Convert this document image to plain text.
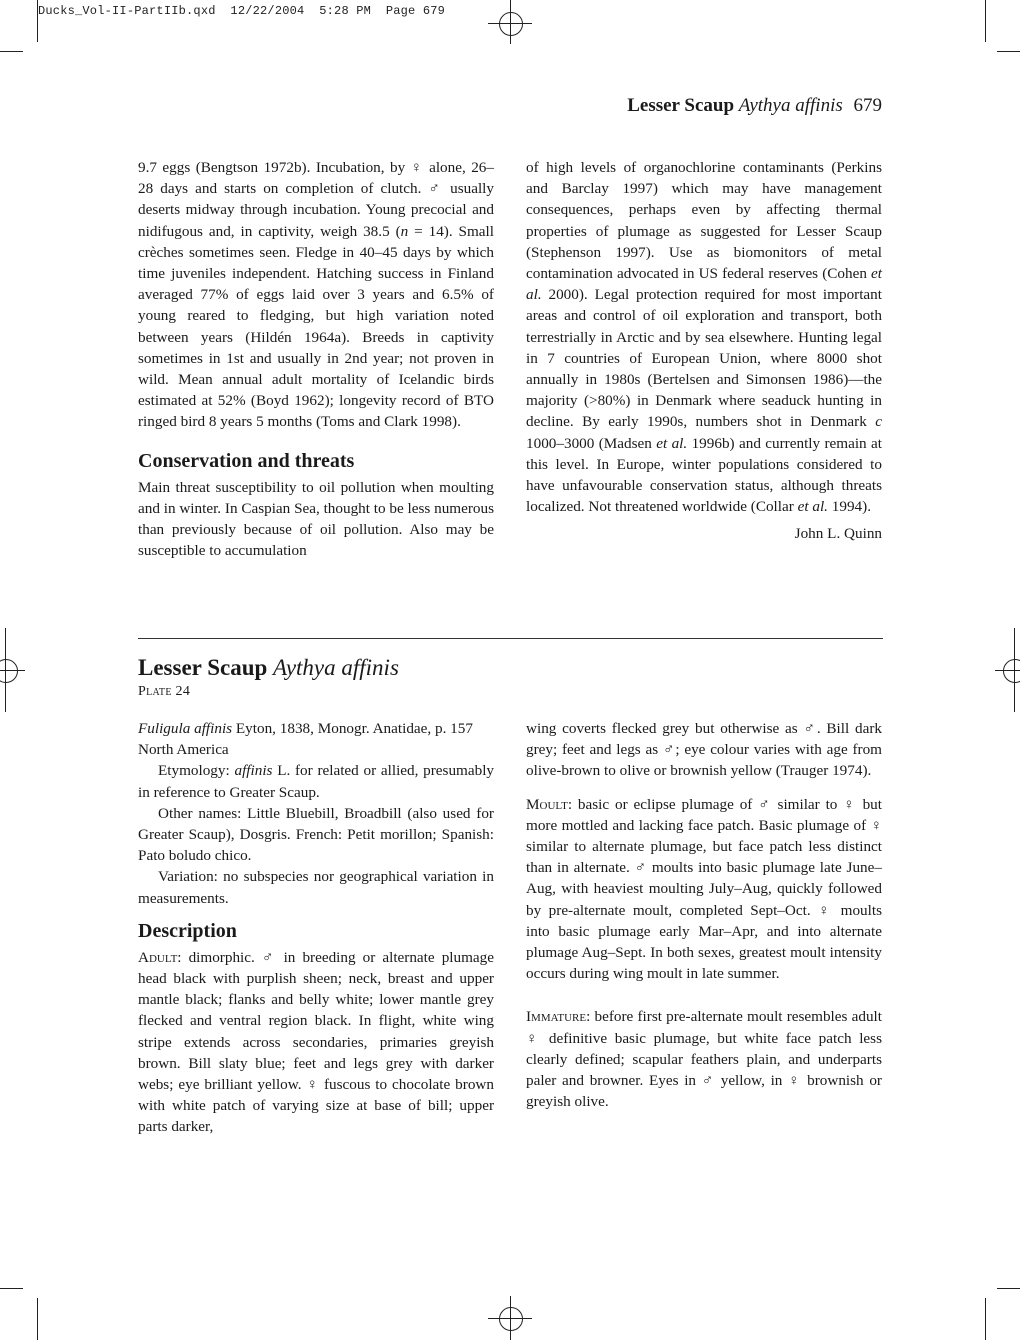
Ducks_Vol-II-PartIIb.qxd  12/22/2004  5:28 PM  Page 679
Lesser Scaup Aythya affinis 679

9.7 eggs (Bengtson 1972b). Incubation, by ♀ alone, 26–28 days and starts on completion of clutch. ♂ usually deserts midway through incubation. Young precocial and nidifugous and, in captivity, weigh 38.5 (n = 14). Small crèches sometimes seen. Fledge in 40–45 days by which time juveniles independent. Hatching success in Finland averaged 77% of eggs laid over 3 years and 6.5% of young reared to fledging, but high variation noted between years (Hildén 1964a). Breeds in captivity sometimes in 1st and usually in 2nd year; not proven in wild. Mean annual adult mortality of Icelandic birds estimated at 52% (Boyd 1962); longevity record of BTO ringed bird 8 years 5 months (Toms and Clark 1998).

Conservation and threats

Main threat susceptibility to oil pollution when moulting and in winter. In Caspian Sea, thought to be less numerous than previously because of oil pollution. Also may be susceptible to accumulation

of high levels of organochlorine contaminants (Perkins and Barclay 1997) which may have management consequences, perhaps even by affecting thermal properties of plumage as suggested for Lesser Scaup (Stephenson 1997). Use as biomonitors of metal contamination advocated in US federal reserves (Cohen et al. 2000). Legal protection required for most important areas and control of oil exploration and transport, both terrestrially in Arctic and by sea elsewhere. Hunting legal in 7 countries of European Union, where 8000 shot annually in 1980s (Bertelsen and Simonsen 1986)—the majority (>80%) in Denmark where seaduck hunting in decline. By early 1990s, numbers shot in Denmark c 1000–3000 (Madsen et al. 1996b) and currently remain at this level. In Europe, winter populations considered to have unfavourable conservation status, although threats localized. Not threatened worldwide (Collar et al. 1994).

John L. Quinn

Lesser Scaup Aythya affinis
Plate 24

Fuligula affinis Eyton, 1838, Monogr. Anatidae, p. 157

North America

Etymology: affinis L. for related or allied, presumably in reference to Greater Scaup.

Other names: Little Bluebill, Broadbill (also used for Greater Scaup), Dosgris. French: Petit morillon; Spanish: Pato boludo chico.

Variation: no subspecies nor geographical variation in measurements.

Description

Adult: dimorphic. ♂ in breeding or alternate plumage head black with purplish sheen; neck, breast and upper mantle black; flanks and belly white; lower mantle grey flecked and ventral region black. In flight, white wing stripe extends across secondaries, primaries greyish brown. Bill slaty blue; feet and legs grey with darker webs; eye brilliant yellow. ♀ fuscous to chocolate brown with white patch of varying size at base of bill; upper parts darker,

wing coverts flecked grey but otherwise as ♂. Bill dark grey; feet and legs as ♂; eye colour varies with age from olive-brown to olive or brownish yellow (Trauger 1974).

Moult: basic or eclipse plumage of ♂ similar to ♀ but more mottled and lacking face patch. Basic plumage of ♀ similar to alternate plumage, but face patch less distinct than in alternate. ♂ moults into basic plumage late June–Aug, with heaviest moulting July–Aug, quickly followed by pre-alternate moult, completed Sept–Oct. ♀ moults into basic plumage early Mar–Apr, and into alternate plumage Aug–Sept. In both sexes, greatest moult intensity occurs during wing moult in late summer.

Immature: before first pre-alternate moult resembles adult ♀ definitive basic plumage, but white face patch less clearly defined; scapular feathers plain, and underparts paler and browner. Eyes in ♂ yellow, in ♀ brownish or greyish olive.
